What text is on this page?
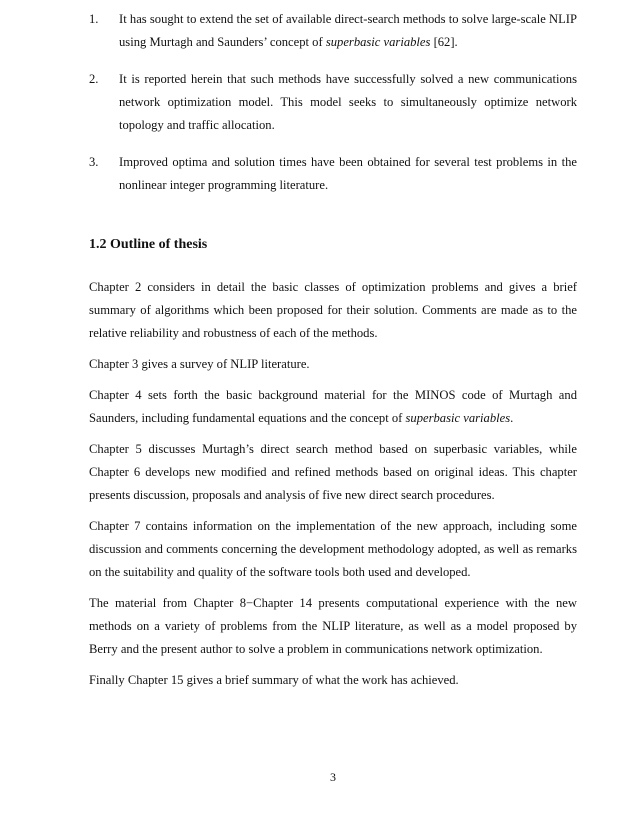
1.	It has sought to extend the set of available direct-search methods to solve large-scale NLIP using Murtagh and Saunders’ concept of superbasic variables [62].
2.	It is reported herein that such methods have successfully solved a new communications network optimization model. This model seeks to simultaneously optimize network topology and traffic allocation.
3.	Improved optima and solution times have been obtained for several test problems in the nonlinear integer programming literature.
1.2 Outline of thesis

Chapter 2 considers in detail the basic classes of optimization problems and gives a brief summary of algorithms which been proposed for their solution. Comments are made as to the relative reliability and robustness of each of the methods.

Chapter 3 gives a survey of NLIP literature.

Chapter 4 sets forth the basic background material for the MINOS code of Murtagh and Saunders, including fundamental equations and the concept of superbasic variables.

Chapter 5 discusses Murtagh’s direct search method based on superbasic variables, while Chapter 6 develops new modified and refined methods based on original ideas. This chapter presents discussion, proposals and analysis of five new direct search procedures.

Chapter 7 contains information on the implementation of the new approach, including some discussion and comments concerning the development methodology adopted, as well as remarks on the suitability and quality of the software tools both used and developed.

The material from Chapter 8−Chapter 14 presents computational experience with the new methods on a variety of problems from the NLIP literature, as well as a model proposed by Berry and the present author to solve a problem in communications network optimization.

Finally Chapter 15 gives a brief summary of what the work has achieved.

3
